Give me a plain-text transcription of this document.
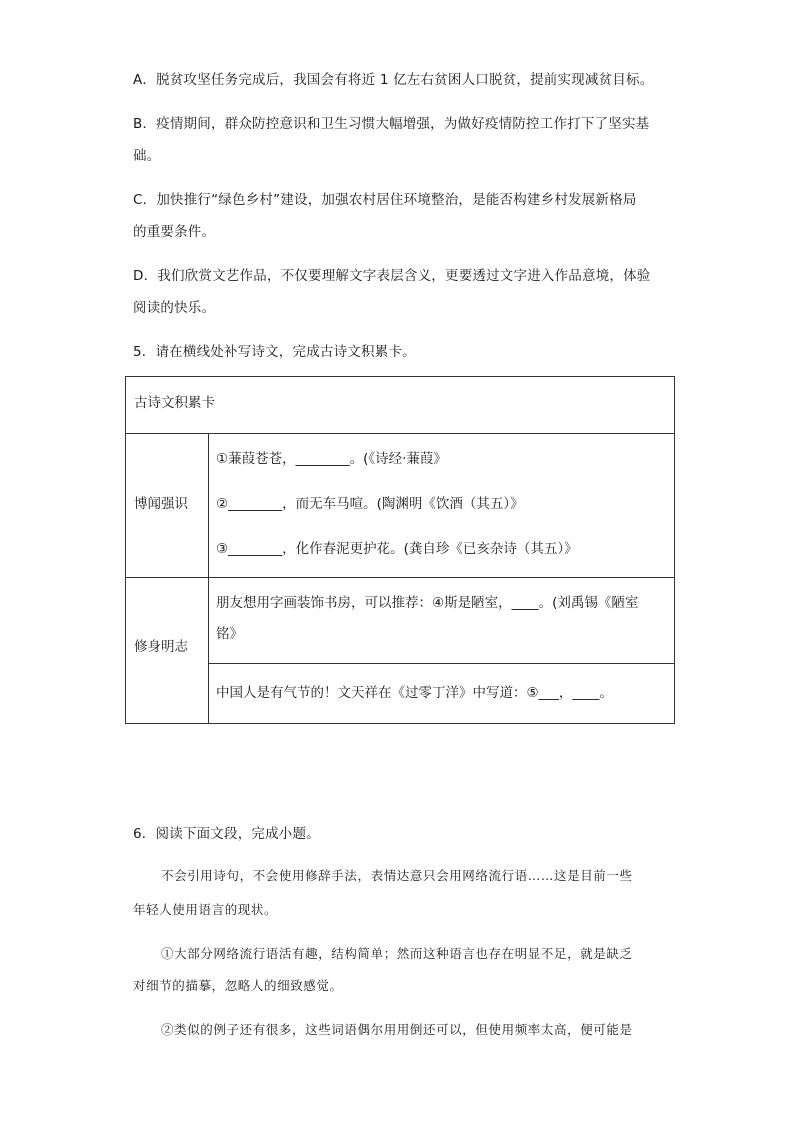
A．脱贫攻坚任务完成后，我国会有将近 1 亿左右贫困人口脱贫，提前实现减贫目标。
B．疫情期间，群众防控意识和卫生习惯大幅增强，为做好疫情防控工作打下了坚实基
础。
C．加快推行“绿色乡村”建设，加强农村居住环境整治，是能否构建乡村发展新格局
的重要条件。
D．我们欣赏文艺作品，不仅要理解文字表层含义，更要透过文字进入作品意境，体验
阅读的快乐。
5．请在横线处补写诗文，完成古诗文积累卡。
古诗文积累卡
博闻强识
①蒹葭苍苍，________。(《诗经·蒹葭》
②________，而无车马喧。(陶渊明《饮酒（其五）》
③________，化作春泥更护花。(龚自珍《已亥杂诗（其五）》
修身明志
朋友想用字画装饰书房，可以推荐：④斯是陋室，____。(刘禹锡《陋室
铭》
中国人是有气节的！文天祥在《过零丁洋》中写道：⑤___，____。
6．阅读下面文段，完成小题。
不会引用诗句，不会使用修辞手法，表情达意只会用网络流行语……这是目前一些
年轻人使用语言的现状。
①大部分网络流行语活有趣，结构简单；然而这种语言也存在明显不足，就是缺乏
对细节的描摹，忽略人的细致感觉。
②类似的例子还有很多，这些词语偶尔用用倒还可以，但使用频率太高，便可能是
